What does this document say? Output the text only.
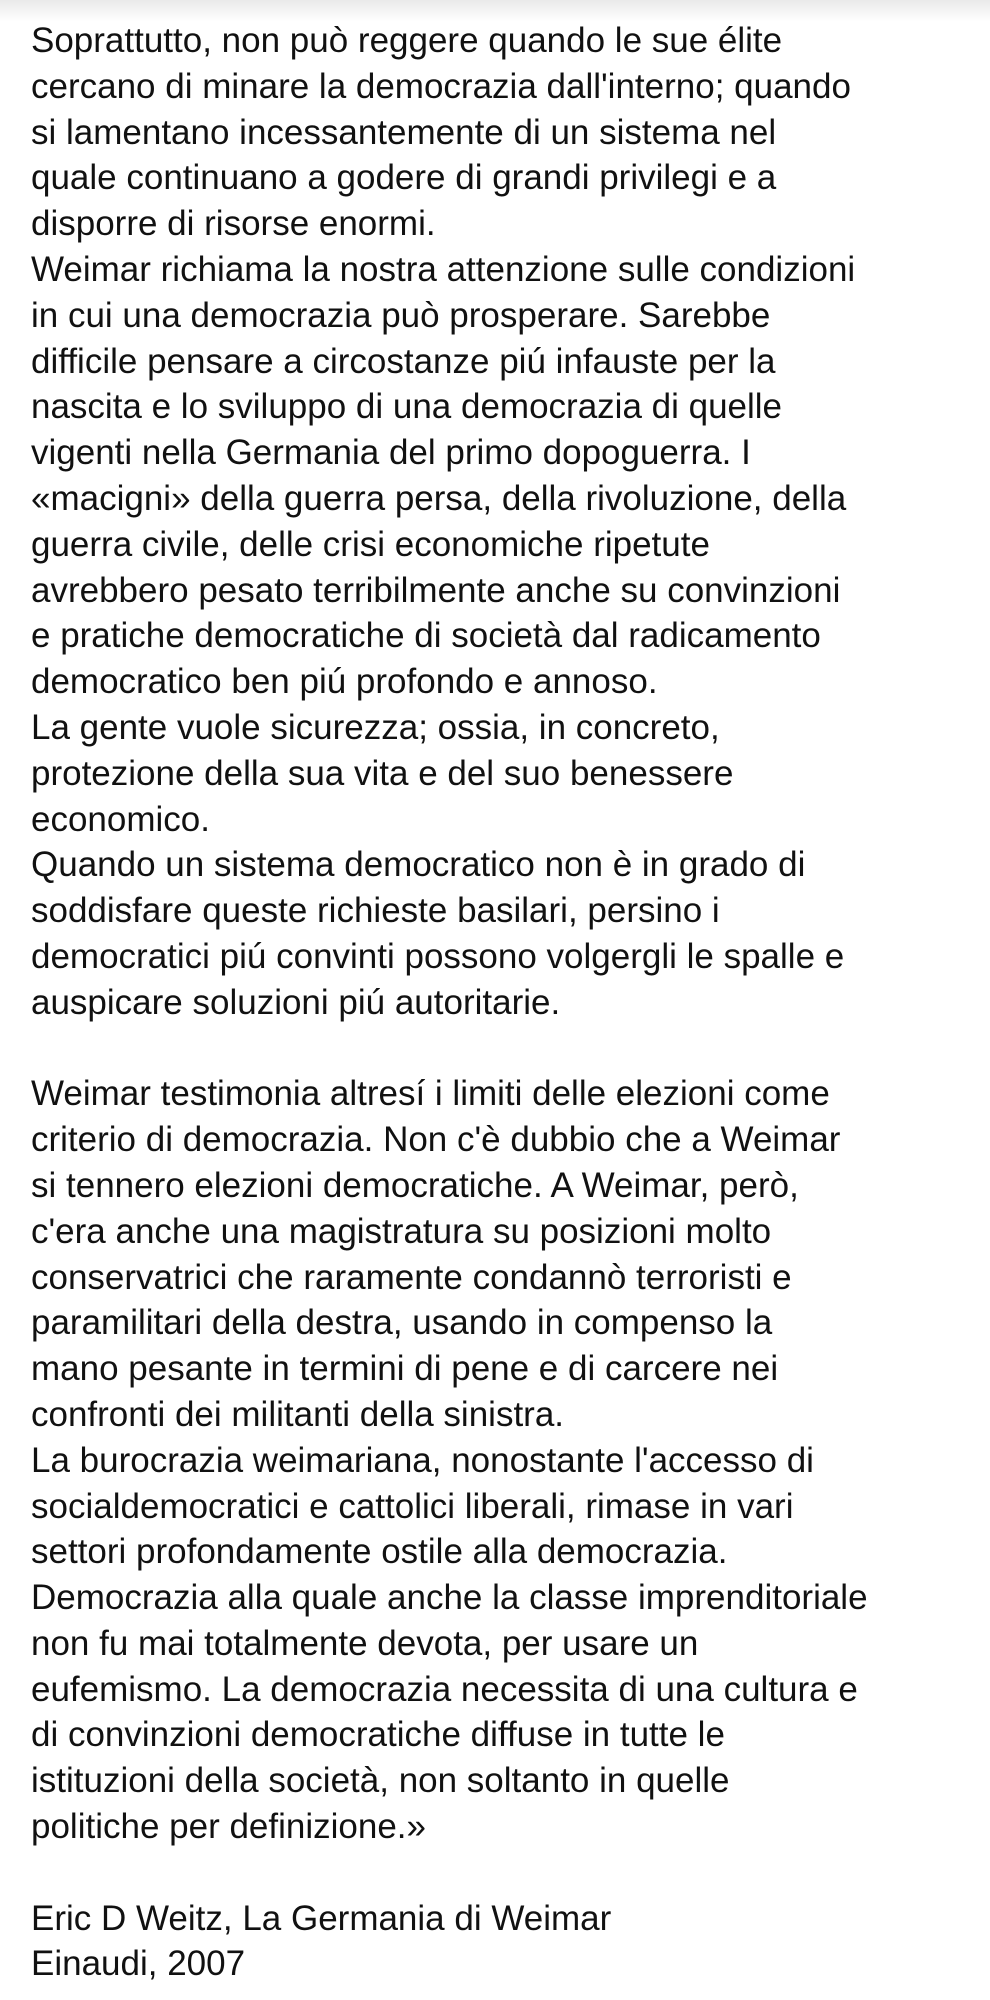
Soprattutto, non può reggere quando le sue élite
cercano di minare la democrazia dall'interno; quando
si lamentano incessantemente di un sistema nel
quale continuano a godere di grandi privilegi e a
disporre di risorse enormi.
Weimar richiama la nostra attenzione sulle condizioni
in cui una democrazia può prosperare. Sarebbe
difficile pensare a circostanze piú infauste per la
nascita e lo sviluppo di una democrazia di quelle
vigenti nella Germania del primo dopoguerra. I
«macigni» della guerra persa, della rivoluzione, della
guerra civile, delle crisi economiche ripetute
avrebbero pesato terribilmente anche su convinzioni
e pratiche democratiche di società dal radicamento
democratico ben piú profondo e annoso.
La gente vuole sicurezza; ossia, in concreto,
protezione della sua vita e del suo benessere
economico.
Quando un sistema democratico non è in grado di
soddisfare queste richieste basilari, persino i
democratici piú convinti possono volgergli le spalle e
auspicare soluzioni piú autoritarie.
Weimar testimonia altresí i limiti delle elezioni come
criterio di democrazia. Non c'è dubbio che a Weimar
si tennero elezioni democratiche. A Weimar, però,
c'era anche una magistratura su posizioni molto
conservatrici che raramente condannò terroristi e
paramilitari della destra, usando in compenso la
mano pesante in termini di pene e di carcere nei
confronti dei militanti della sinistra.
La burocrazia weimariana, nonostante l'accesso di
socialdemocratici e cattolici liberali, rimase in vari
settori profondamente ostile alla democrazia.
Democrazia alla quale anche la classe imprenditoriale
non fu mai totalmente devota, per usare un
eufemismo. La democrazia necessita di una cultura e
di convinzioni democratiche diffuse in tutte le
istituzioni della società, non soltanto in quelle
politiche per definizione.»
Eric D Weitz, La Germania di Weimar
Einaudi, 2007
